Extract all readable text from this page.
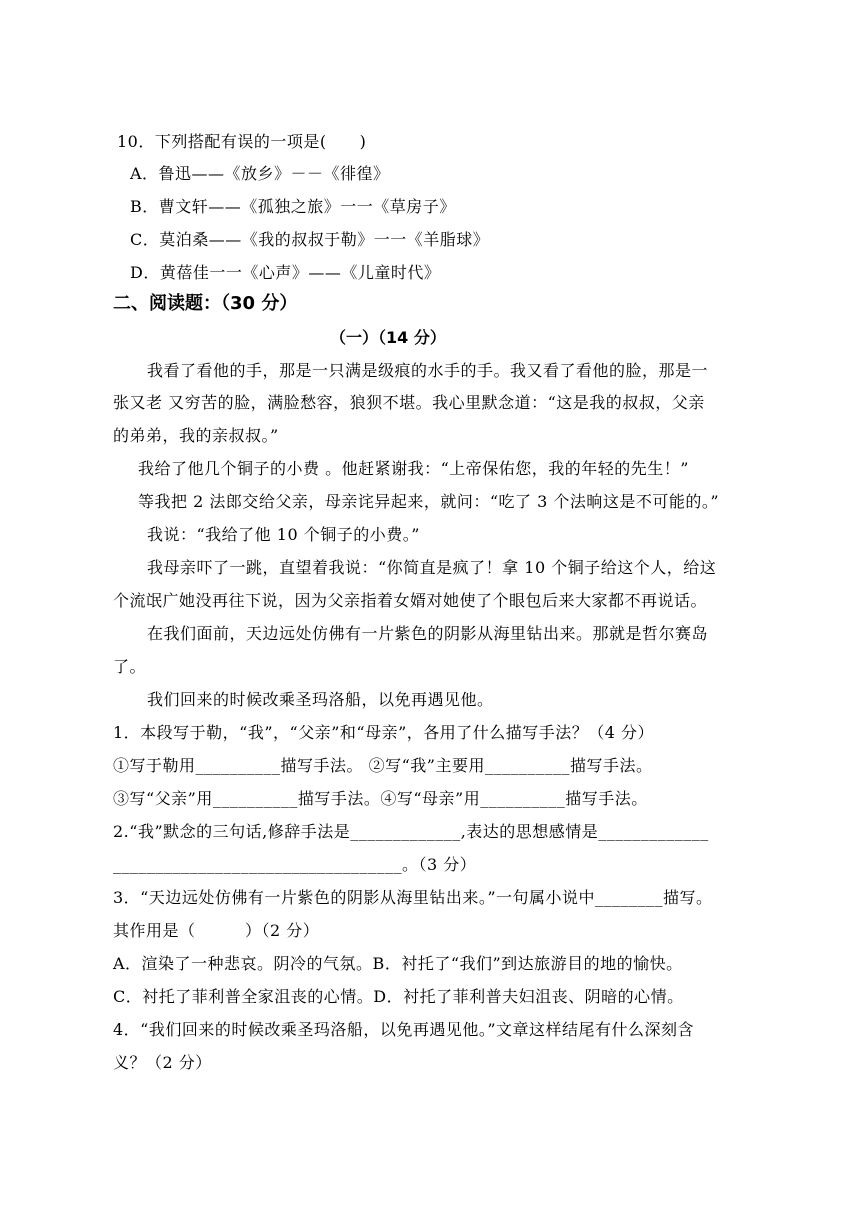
10．下列搭配有误的一项是(　　)
A．鲁迅——《放乡》－－《徘徨》
B．曹文轩——《孤独之旅》一一《草房子》
C．莫泊桑——《我的叔叔于勒》一一《羊脂球》
D．黄蓓佳一一《心声》——《儿童时代》
二、阅读题：（30 分）
（一）（14 分）
我看了看他的手，那是一只满是级痕的水手的手。我又看了看他的脸，那是一
张又老 又穷苦的脸，满脸愁容，狼狈不堪。我心里默念道：“这是我的叔叔，父亲
的弟弟，我的亲叔叔。”
我给了他几个铜子的小费 。他赶紧谢我：“上帝保佑您，我的年轻的先生！”
等我把 2 法郎交给父亲，母亲诧异起来，就问：“吃了 3 个法晌这是不可能的。”
我说：“我给了他 10 个铜子的小费。”
我母亲吓了一跳，直望着我说：“你简直是疯了！拿 10 个铜子给这个人，给这
个流氓广她没再往下说，因为父亲指着女婿对她使了个眼包后来大家都不再说话。
在我们面前，天边远处仿佛有一片紫色的阴影从海里钻出来。那就是哲尔赛岛
了。
我们回来的时候改乘圣玛洛船，以免再遇见他。
1．本段写于勒，“我”，“父亲”和“母亲”，各用了什么描写手法？（4 分）
①写于勒用__________描写手法。 ②写“我”主要用__________描写手法。
③写“父亲”用__________描写手法。④写“母亲”用__________描写手法。
2.“我”默念的三句话,修辞手法是_____________,表达的思想感情是_____________
__________________________________。（3 分）
3．“天边远处仿佛有一片紫色的阴影从海里钻出来。”一句属小说中________描写。
其作用是（　　　）（2 分）
A．渲染了一种悲哀。阴冷的气氛。B．衬托了“我们”到达旅游目的地的愉快。
C．衬托了菲利普全家沮丧的心情。D．衬托了菲利普夫妇沮丧、阴暗的心情。
4．“我们回来的时候改乘圣玛洛船，以免再遇见他。”文章这样结尾有什么深刻含
义？（2 分）
